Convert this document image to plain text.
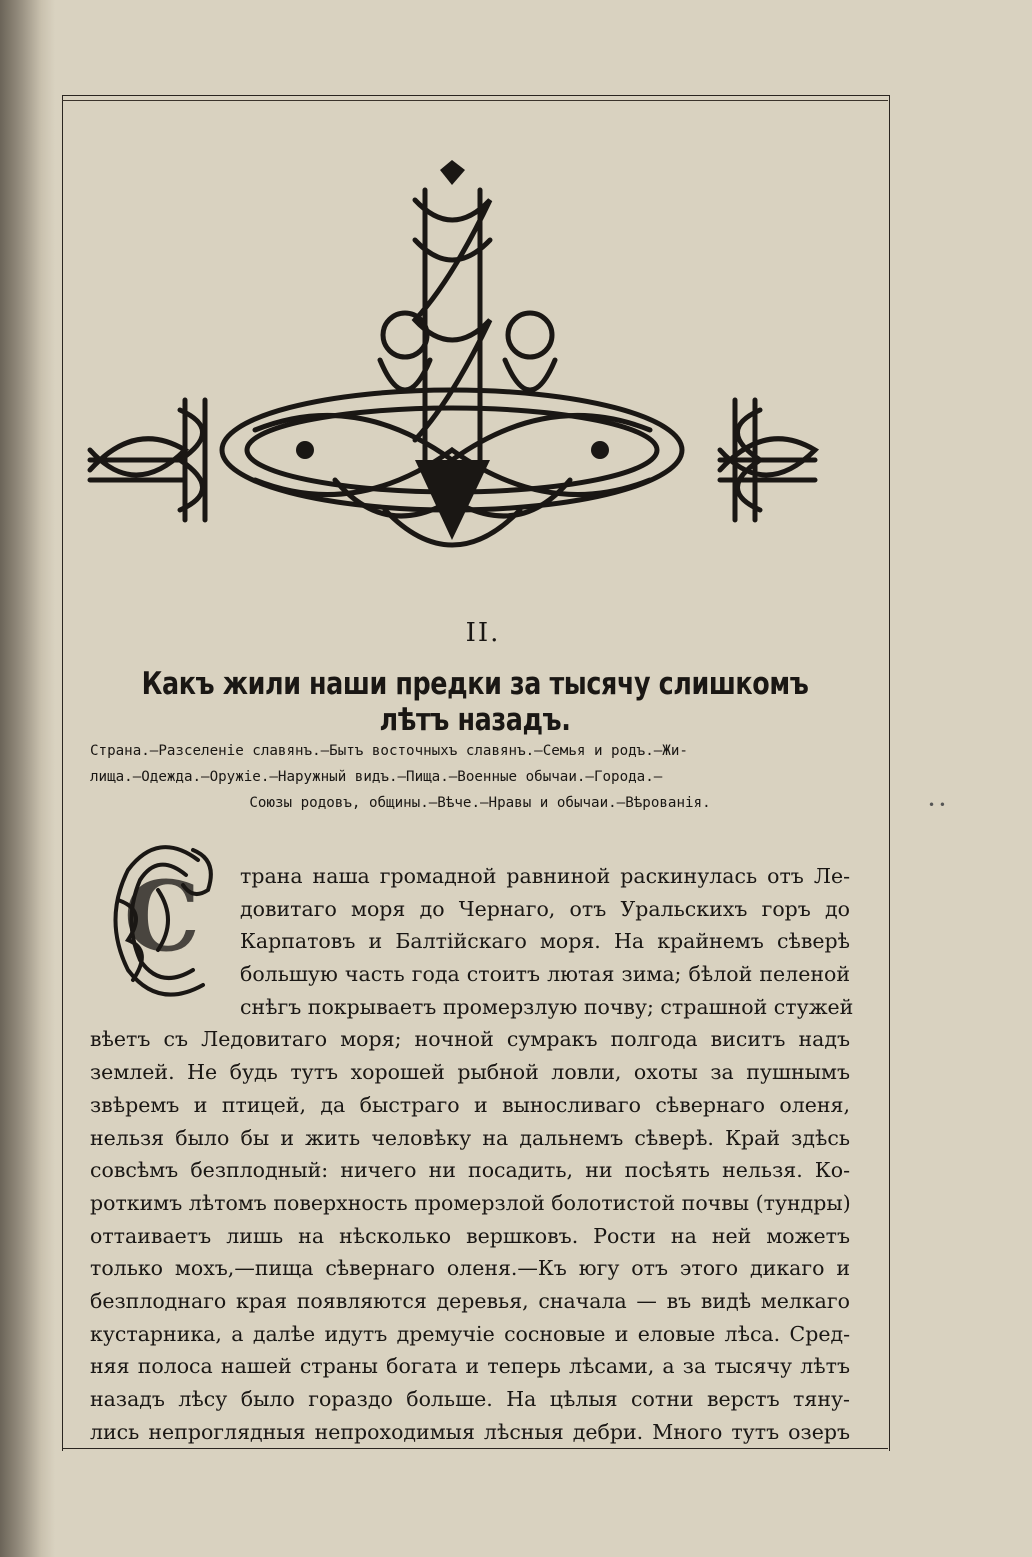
II.
Какъ жили наши предки за тысячу слишкомъ лѣтъ назадъ.
Страна.—Разселеніе славянъ.—Бытъ восточныхъ славянъ.—Семья и родъ.—Жи-
лища.—Одежда.—Оружіе.—Наружный видъ.—Пища.—Военные обычаи.—Города.—
Союзы родовъ, общины.—Вѣче.—Нравы и обычаи.—Вѣрованія.
С трана наша громадной равниной раскинулась отъ Ле-
довитаго моря до Чернаго, отъ Уральскихъ горъ до
Карпатовъ и Балтійскаго моря. На крайнемъ сѣверѣ
большую часть года стоитъ лютая зима; бѣлой пеленой
снѣгъ покрываетъ промерзлую почву; страшной стужей
вѣетъ съ Ледовитаго моря; ночной сумракъ полгода виситъ надъ
землей. Не будь тутъ хорошей рыбной ловли, охоты за пушнымъ
звѣремъ и птицей, да быстраго и выносливаго сѣвернаго оленя,
нельзя было бы и жить человѣку на дальнемъ сѣверѣ. Край здѣсь
совсѣмъ безплодный: ничего ни посадить, ни посѣять нельзя. Ко-
роткимъ лѣтомъ поверхность промерзлой болотистой почвы (тундры)
оттаиваетъ лишь на нѣсколько вершковъ. Рости на ней можетъ
только мохъ,—пища сѣвернаго оленя.—Къ югу отъ этого дикаго и
безплоднаго края появляются деревья, сначала — въ видѣ мелкаго
кустарника, а далѣе идутъ дремучіе сосновые и еловые лѣса. Сред-
няя полоса нашей страны богата и теперь лѣсами, а за тысячу лѣтъ
назадъ лѣсу было гораздо больше. На цѣлыя сотни верстъ тяну-
лись непроглядныя непроходимыя лѣсныя дебри. Много тутъ озеръ
• •
